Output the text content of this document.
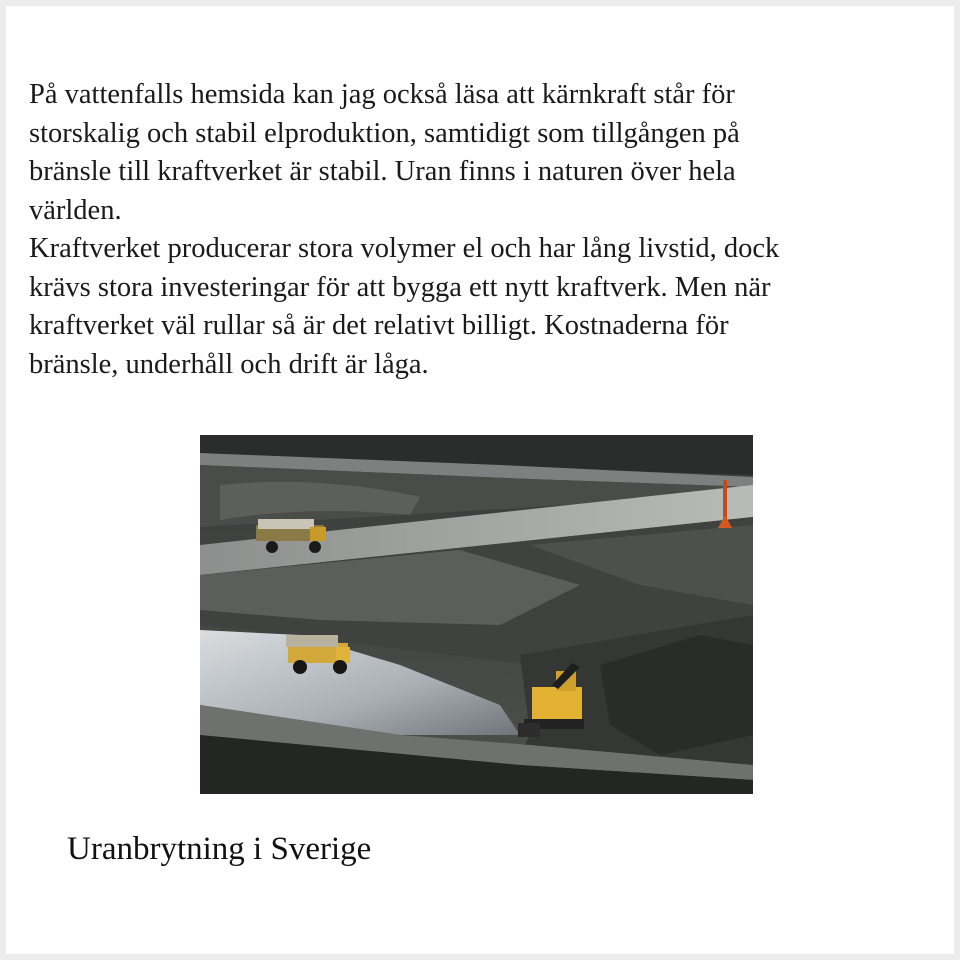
På vattenfalls hemsida kan jag också läsa att kärnkraft står för
storskalig och stabil elproduktion, samtidigt som tillgången på
bränsle till kraftverket är stabil. Uran finns i naturen över hela
världen.
Kraftverket producerar stora volymer el och har lång livstid, dock
krävs stora investeringar för att bygga ett nytt kraftverk. Men när
kraftverket väl rullar så är det relativt billigt. Kostnaderna för
bränsle, underhåll och drift är låga.

Uranbrytning i Sverige
